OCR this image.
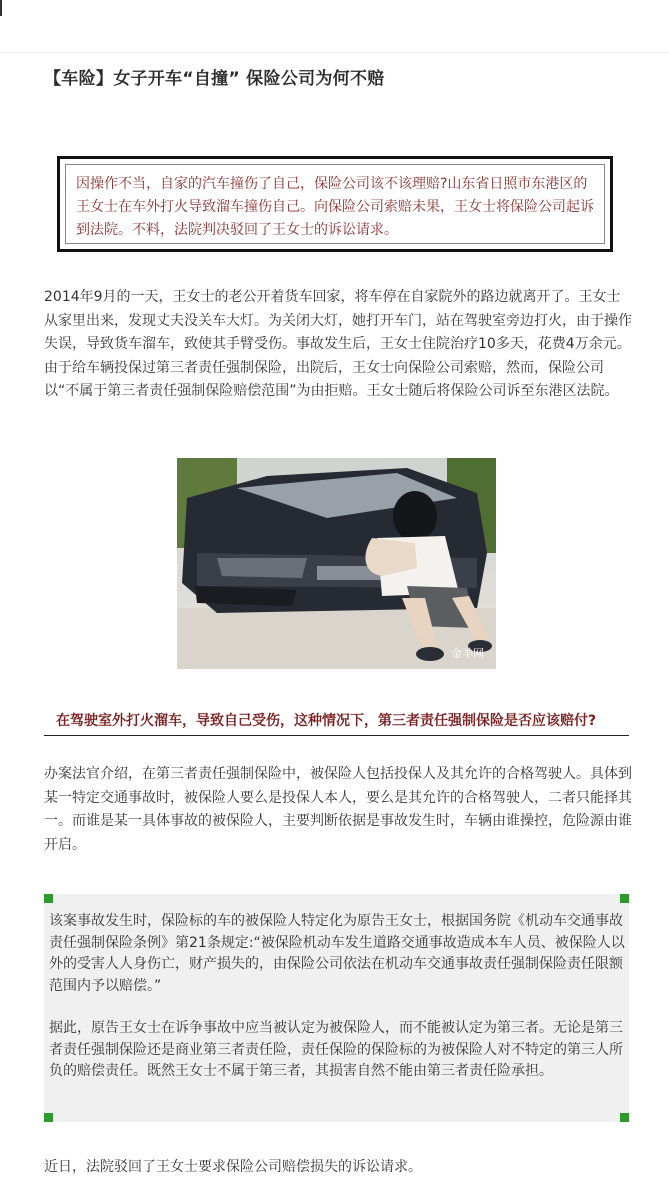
【车险】女子开车“自撞” 保险公司为何不赔

因操作不当，自家的汽车撞伤了自己，保险公司该不该理赔?山东省日照市东港区的王女士在车外打火导致溜车撞伤自己。向保险公司索赔未果，王女士将保险公司起诉到法院。不料，法院判决驳回了王女士的诉讼请求。

2014年9月的一天，王女士的老公开着货车回家，将车停在自家院外的路边就离开了。王女士从家里出来，发现丈夫没关车大灯。为关闭大灯，她打开车门，站在驾驶室旁边打火，由于操作失误，导致货车溜车，致使其手臂受伤。事故发生后，王女士住院治疗10多天，花费4万余元。由于给车辆投保过第三者责任强制保险，出院后，王女士向保险公司索赔，然而，保险公司以“不属于第三者责任强制保险赔偿范围”为由拒赔。王女士随后将保险公司诉至东港区法院。

金羊网

在驾驶室外打火溜车，导致自己受伤，这种情况下，第三者责任强制保险是否应该赔付?

办案法官介绍，在第三者责任强制保险中，被保险人包括投保人及其允许的合格驾驶人。具体到某一特定交通事故时，被保险人要么是投保人本人，要么是其允许的合格驾驶人，二者只能择其一。而谁是某一具体事故的被保险人，主要判断依据是事故发生时，车辆由谁操控，危险源由谁开启。

该案事故发生时，保险标的车的被保险人特定化为原告王女士，根据国务院《机动车交通事故责任强制保险条例》第21条规定:“被保险机动车发生道路交通事故造成本车人员、被保险人以外的受害人人身伤亡，财产损失的，由保险公司依法在机动车交通事故责任强制保险责任限额范围内予以赔偿。”

据此，原告王女士在诉争事故中应当被认定为被保险人，而不能被认定为第三者。无论是第三者责任强制保险还是商业第三者责任险，责任保险的保险标的为被保险人对不特定的第三人所负的赔偿责任。既然王女士不属于第三者，其损害自然不能由第三者责任险承担。

近日，法院驳回了王女士要求保险公司赔偿损失的诉讼请求。
